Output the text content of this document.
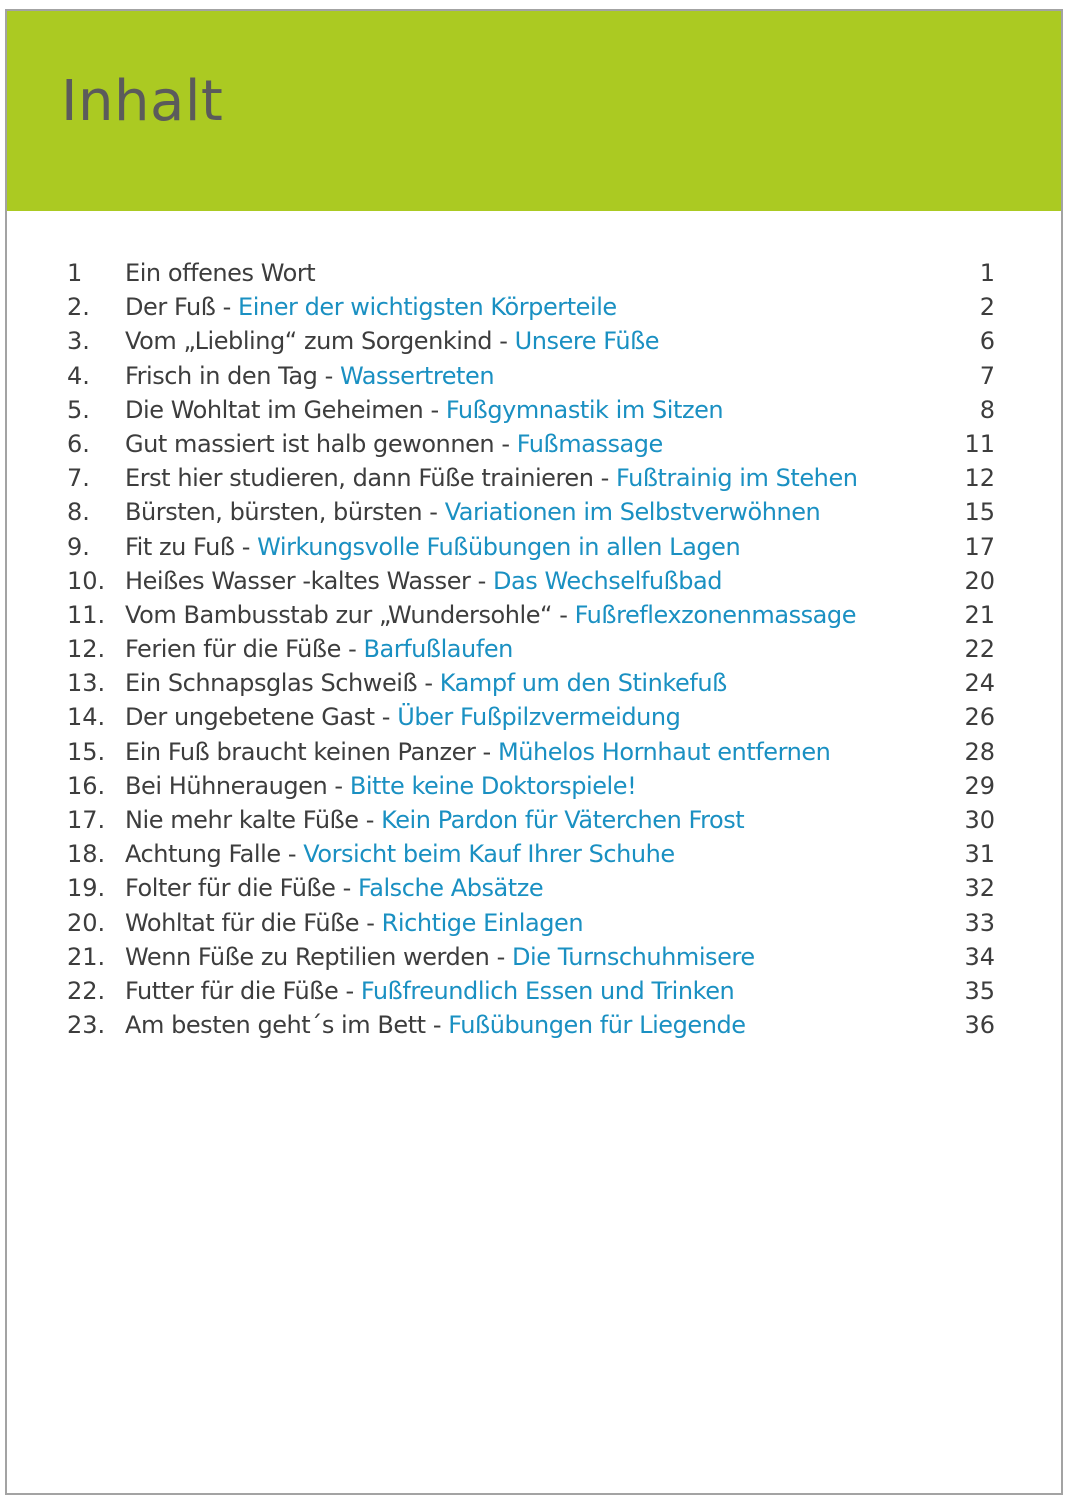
Inhalt
1 Ein offenes Wort	1
2. Der Fuß - Einer der wichtigsten Körperteile	2
3. Vom „Liebling“ zum Sorgenkind - Unsere Füße	6
4. Frisch in den Tag - Wassertreten	7
5. Die Wohltat im Geheimen - Fußgymnastik im Sitzen	8
6. Gut massiert ist halb gewonnen - Fußmassage	11
7. Erst hier studieren, dann Füße trainieren - Fußtrainig im Stehen	12
8. Bürsten, bürsten, bürsten - Variationen im Selbstverwöhnen	15
9. Fit zu Fuß - Wirkungsvolle Fußübungen in allen Lagen	17
10. Heißes Wasser -kaltes Wasser - Das Wechselfußbad	20
11. Vom Bambusstab zur „Wundersohle“ - Fußreflexzonenmassage	21
12. Ferien für die Füße - Barfußlaufen	22
13. Ein Schnapsglas Schweiß - Kampf um den Stinkefuß	24
14. Der ungebetene Gast - Über Fußpilzvermeidung	26
15. Ein Fuß braucht keinen Panzer - Mühelos Hornhaut entfernen	28
16. Bei Hühneraugen - Bitte keine Doktorspiele!	29
17. Nie mehr kalte Füße - Kein Pardon für Väterchen Frost	30
18. Achtung Falle - Vorsicht beim Kauf Ihrer Schuhe	31
19. Folter für die Füße - Falsche Absätze	32
20. Wohltat für die Füße - Richtige Einlagen	33
21. Wenn Füße zu Reptilien werden - Die Turnschuhmisere	34
22. Futter für die Füße - Fußfreundlich Essen und Trinken	35
23. Am besten geht´s im Bett - Fußübungen für Liegende	36
